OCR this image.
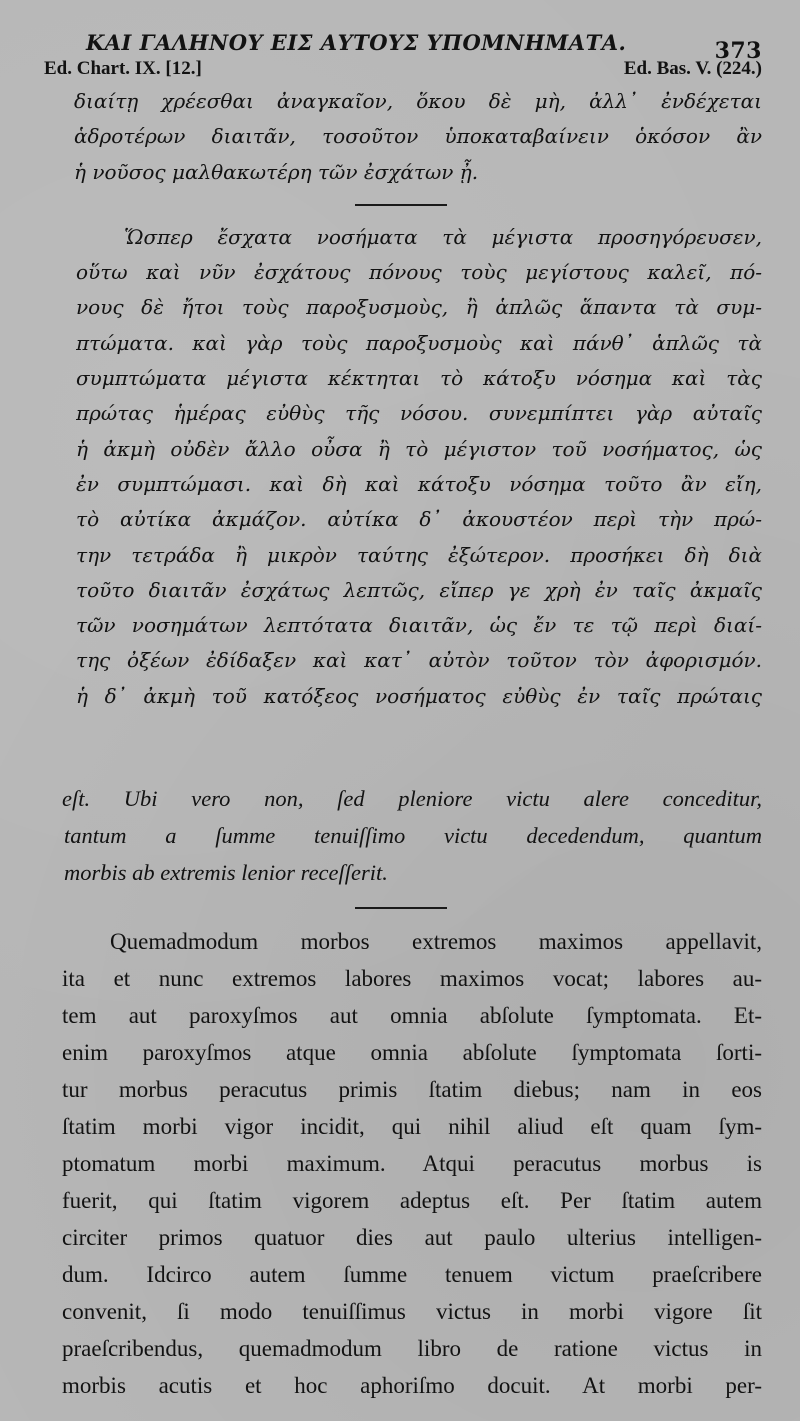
ΚΑΙ ΓΑΛΗΝΟΥ ΕΙΣ ΑΥΤΟΥΣ ΥΠΟΜΝΗΜΑΤΑ.	373
Ed. Chart. IX. [12.]	Ed. Bas. V. (224.)
διαίτῃ χρέεσθαι ἀναγκαῖον, ὅκου δὲ μὴ, ἀλλ᾽ ἐνδέχεται
ἁδροτέρων διαιτᾶν, τοσοῦτον ὑποκαταβαίνειν ὁκόσον ἂν
ἡ νοῦσος μαλθακωτέρη τῶν ἐσχάτων ᾖ.
Ὥσπερ ἔσχατα νοσήματα τὰ μέγιστα προσηγόρευσεν,
οὕτω καὶ νῦν ἐσχάτους πόνους τοὺς μεγίστους καλεῖ, πό-
νους δὲ ἤτοι τοὺς παροξυσμοὺς, ἢ ἁπλῶς ἅπαντα τὰ συμ-
πτώματα. καὶ γὰρ τοὺς παροξυσμοὺς καὶ πάνθ᾽ ἁπλῶς τὰ
συμπτώματα μέγιστα κέκτηται τὸ κάτοξυ νόσημα καὶ τὰς
πρώτας ἡμέρας εὐθὺς τῆς νόσου. συνεμπίπτει γὰρ αὐταῖς
ἡ ἀκμὴ οὐδὲν ἄλλο οὖσα ἢ τὸ μέγιστον τοῦ νοσήματος, ὡς
ἐν συμπτώμασι. καὶ δὴ καὶ κάτοξυ νόσημα τοῦτο ἂν εἴη,
τὸ αὐτίκα ἀκμάζον. αὐτίκα δ᾽ ἀκουστέον περὶ τὴν πρώ-
την τετράδα ἢ μικρὸν ταύτης ἐξώτερον. προσήκει δὴ διὰ
τοῦτο διαιτᾶν ἐσχάτως λεπτῶς, εἴπερ γε χρὴ ἐν ταῖς ἀκμαῖς
τῶν νοσημάτων λεπτότατα διαιτᾶν, ὡς ἔν τε τῷ περὶ διαί-
της ὀξέων ἐδίδαξεν καὶ κατ᾽ αὐτὸν τοῦτον τὸν ἀφορισμόν.
ἡ δ᾽ ἀκμὴ τοῦ κατόξεος νοσήματος εὐθὺς ἐν ταῖς πρώταις
eſt. Ubi vero non, ſed pleniore victu alere conceditur,
tantum a ſumme tenuiſſimo victu decedendum, quantum
morbis ab extremis lenior receſſerit.
Quemadmodum morbos extremos maximos appellavit,
ita et nunc extremos labores maximos vocat; labores au-
tem aut paroxyſmos aut omnia abſolute ſymptomata. Et-
enim paroxyſmos atque omnia abſolute ſymptomata ſorti-
tur morbus peracutus primis ſtatim diebus; nam in eos
ſtatim morbi vigor incidit, qui nihil aliud eſt quam ſym-
ptomatum morbi maximum. Atqui peracutus morbus is
fuerit, qui ſtatim vigorem adeptus eſt. Per ſtatim autem
circiter primos quatuor dies aut paulo ulterius intelligen-
dum. Idcirco autem ſumme tenuem victum praeſcribere
convenit, ſi modo tenuiſſimus victus in morbi vigore ſit
praeſcribendus, quemadmodum libro de ratione victus in
morbis acutis et hoc aphoriſmo docuit. At morbi per-
